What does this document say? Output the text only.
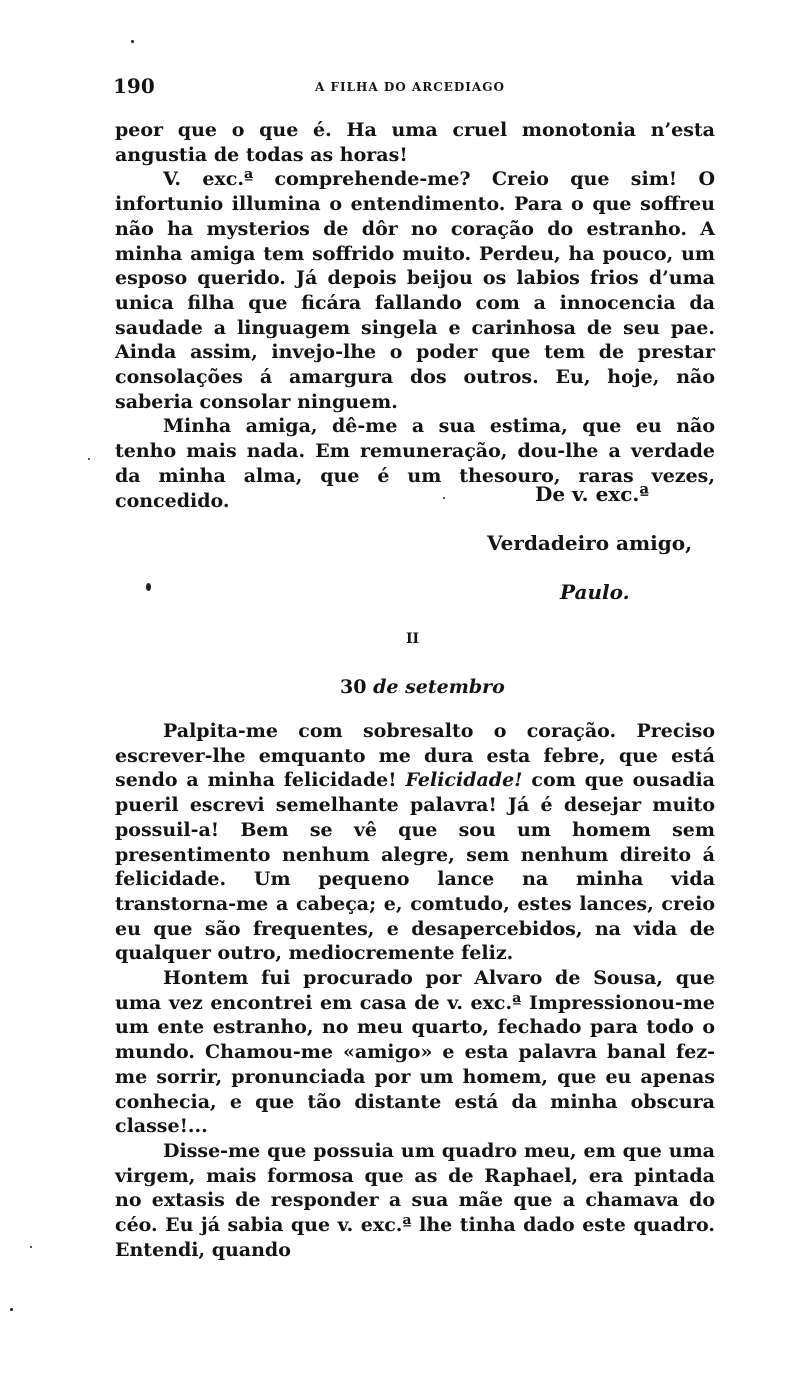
190	A FILHA DO ARCEDIAGO

peor que o que é. Ha uma cruel monotonia n’esta angustia de todas as horas!

V. exc.ª comprehende-me? Creio que sim! O infortunio illumina o entendimento. Para o que soffreu não ha mysterios de dôr no coração do estranho. A minha amiga tem soffrido muito. Perdeu, ha pouco, um esposo querido. Já depois beijou os labios frios d’uma unica filha que ficára fallando com a innocencia da saudade a linguagem singela e carinhosa de seu pae. Ainda assim, invejo-lhe o poder que tem de prestar consolações á amargura dos outros. Eu, hoje, não saberia consolar ninguem.

Minha amiga, dê-me a sua estima, que eu não tenho mais nada. Em remuneração, dou-lhe a verdade da minha alma, que é um thesouro, raras vezes, concedido.	De v. exc.ª
Verdadeiro amigo,
Paulo.
II
30 de setembro

Palpita-me com sobresalto o coração. Preciso escrever-lhe emquanto me dura esta febre, que está sendo a minha felicidade! Felicidade! com que ousadia pueril escrevi semelhante palavra! Já é desejar muito possuil-a! Bem se vê que sou um homem sem presentimento nenhum alegre, sem nenhum direito á felicidade. Um pequeno lance na minha vida transtorna-me a cabeça; e, comtudo, estes lances, creio eu que são frequentes, e desapercebidos, na vida de qualquer outro, mediocremente feliz.

Hontem fui procurado por Alvaro de Sousa, que uma vez encontrei em casa de v. exc.ª Impressionou-me um ente estranho, no meu quarto, fechado para todo o mundo. Chamou-me «amigo» e esta palavra banal fez-me sorrir, pronunciada por um homem, que eu apenas conhecia, e que tão distante está da minha obscura classe!...

Disse-me que possuia um quadro meu, em que uma virgem, mais formosa que as de Raphael, era pintada no extasis de responder a sua mãe que a chamava do céo. Eu já sabia que v. exc.ª lhe tinha dado este quadro. Entendi, quando
